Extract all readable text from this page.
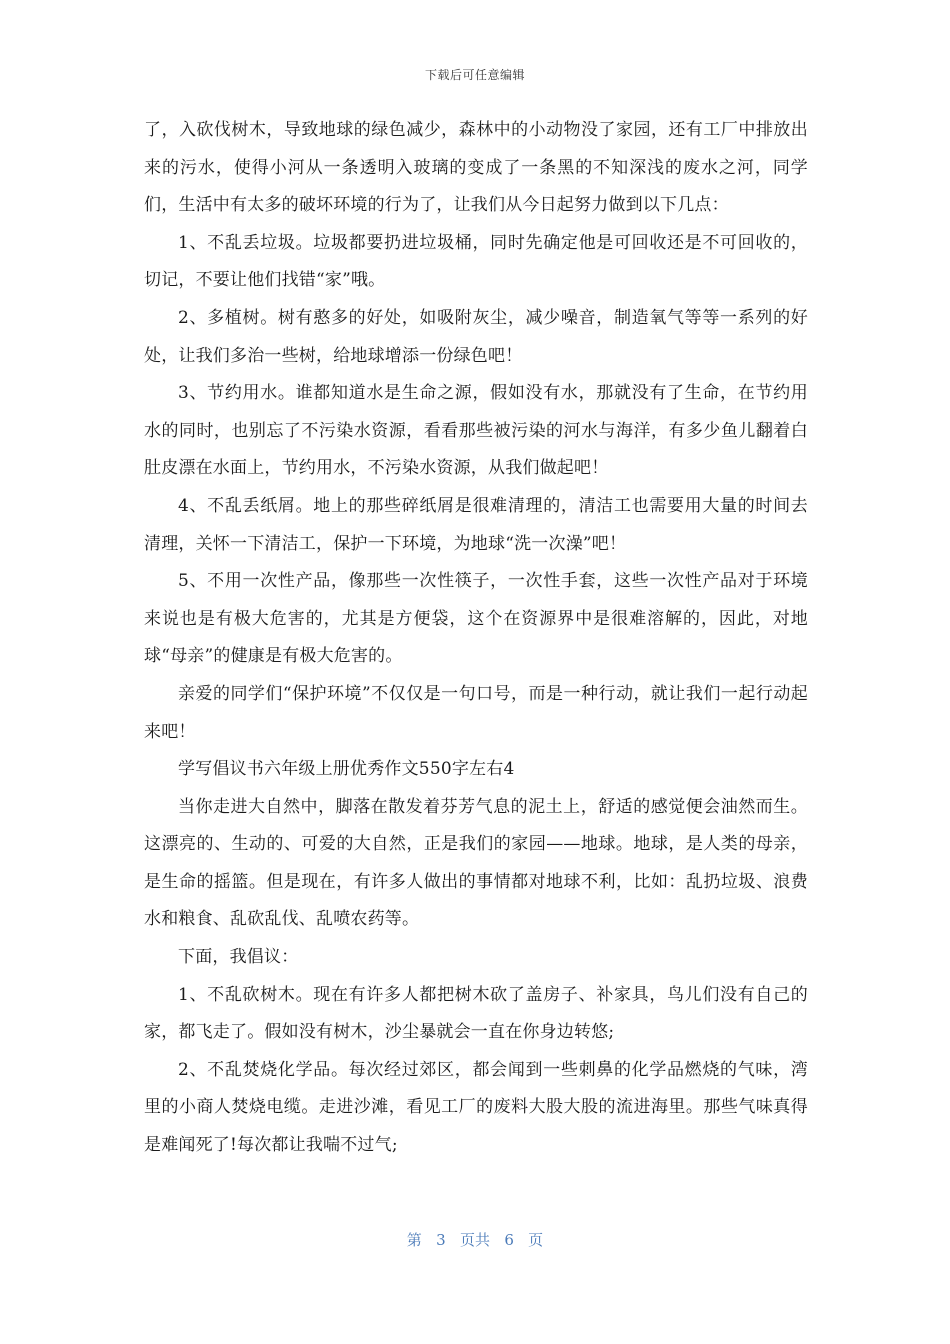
下载后可任意编辑

了，入砍伐树木，导致地球的绿色减少，森林中的小动物没了家园，还有工厂中排放出来的污水，使得小河从一条透明入玻璃的变成了一条黑的不知深浅的废水之河，同学们，生活中有太多的破坏环境的行为了，让我们从今日起努力做到以下几点：

1、不乱丢垃圾。垃圾都要扔进垃圾桶，同时先确定他是可回收还是不可回收的，切记，不要让他们找错“家”哦。

2、多植树。树有憨多的好处，如吸附灰尘，减少噪音，制造氧气等等一系列的好处，让我们多治一些树，给地球增添一份绿色吧！

3、节约用水。谁都知道水是生命之源，假如没有水，那就没有了生命，在节约用水的同时，也别忘了不污染水资源，看看那些被污染的河水与海洋，有多少鱼儿翻着白肚皮漂在水面上，节约用水，不污染水资源，从我们做起吧！

4、不乱丢纸屑。地上的那些碎纸屑是很难清理的，清洁工也需要用大量的时间去清理，关怀一下清洁工，保护一下环境，为地球“洗一次澡”吧！

5、不用一次性产品，像那些一次性筷子，一次性手套，这些一次性产品对于环境来说也是有极大危害的，尤其是方便袋，这个在资源界中是很难溶解的，因此，对地球“母亲”的健康是有极大危害的。

亲爱的同学们“保护环境”不仅仅是一句口号，而是一种行动，就让我们一起行动起来吧！

学写倡议书六年级上册优秀作文550字左右4

当你走进大自然中，脚落在散发着芬芳气息的泥土上，舒适的感觉便会油然而生。这漂亮的、生动的、可爱的大自然，正是我们的家园——地球。地球，是人类的母亲，是生命的摇篮。但是现在，有许多人做出的事情都对地球不利，比如：乱扔垃圾、浪费水和粮食、乱砍乱伐、乱喷农药等。

下面，我倡议：

1、不乱砍树木。现在有许多人都把树木砍了盖房子、补家具，鸟儿们没有自己的家，都飞走了。假如没有树木，沙尘暴就会一直在你身边转悠;

2、不乱焚烧化学品。每次经过郊区，都会闻到一些刺鼻的化学品燃烧的气味，湾里的小商人焚烧电缆。走进沙滩，看见工厂的废料大股大股的流进海里。那些气味真得是难闻死了!每次都让我喘不过气;

第 3 页共 6 页
